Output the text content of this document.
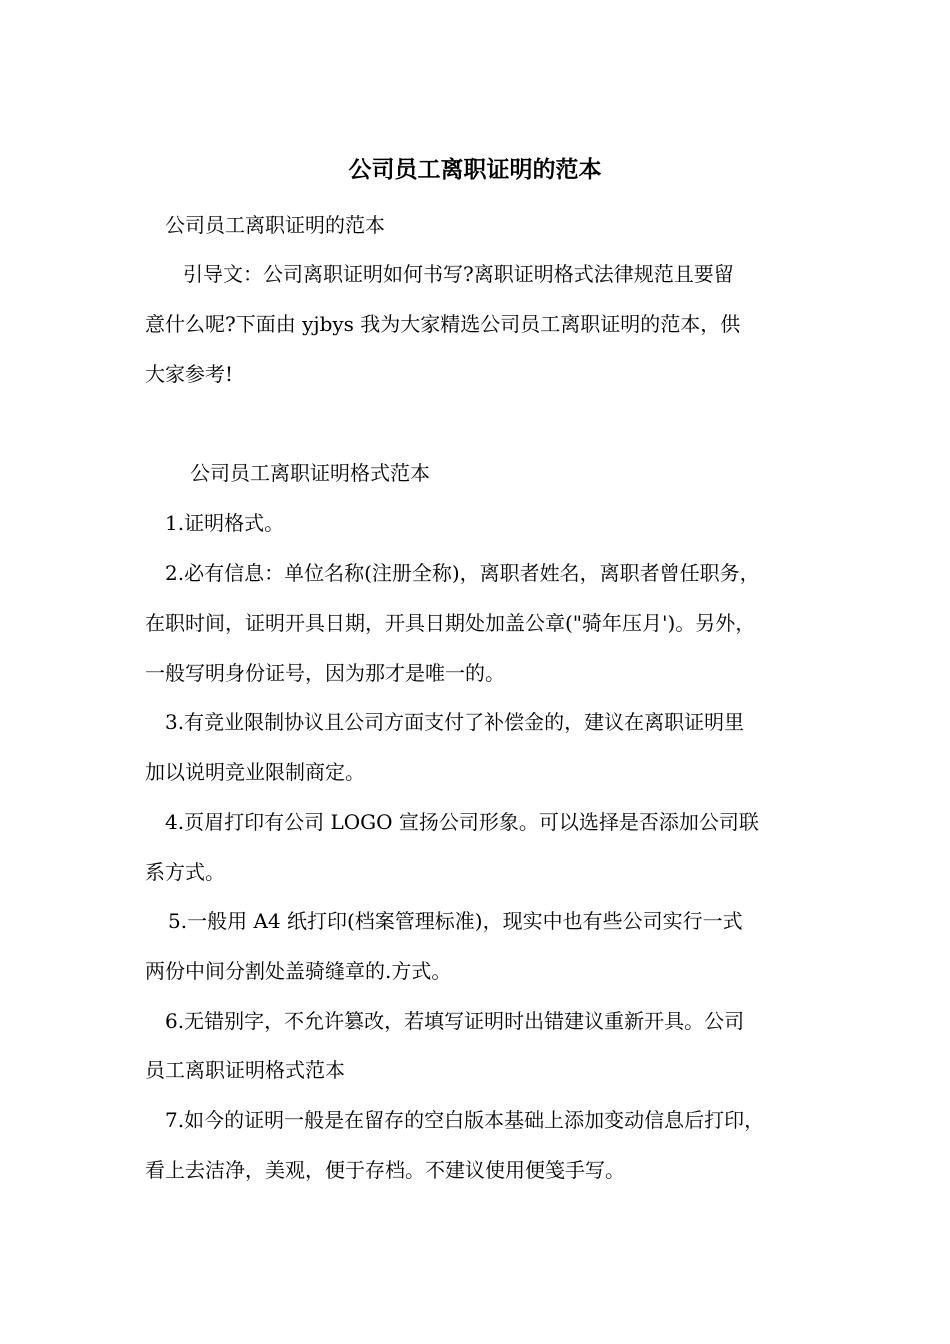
公司员工离职证明的范本
公司员工离职证明的范本
引导文：公司离职证明如何书写?离职证明格式法律规范且要留
意什么呢?下面由 yjbys 我为大家精选公司员工离职证明的范本，供
大家参考!
公司员工离职证明格式范本
1.证明格式。
2.必有信息：单位名称(注册全称)，离职者姓名，离职者曾任职务，
在职时间，证明开具日期，开具日期处加盖公章("骑年压月')。另外，
一般写明身份证号，因为那才是唯一的。
3.有竞业限制协议且公司方面支付了补偿金的，建议在离职证明里
加以说明竞业限制商定。
4.页眉打印有公司 LOGO 宣扬公司形象。可以选择是否添加公司联
系方式。
5.一般用 A4 纸打印(档案管理标准)，现实中也有些公司实行一式
两份中间分割处盖骑缝章的.方式。
6.无错别字，不允许篡改，若填写证明时出错建议重新开具。公司
员工离职证明格式范本
7.如今的证明一般是在留存的空白版本基础上添加变动信息后打印，
看上去洁净，美观，便于存档。不建议使用便笺手写。
